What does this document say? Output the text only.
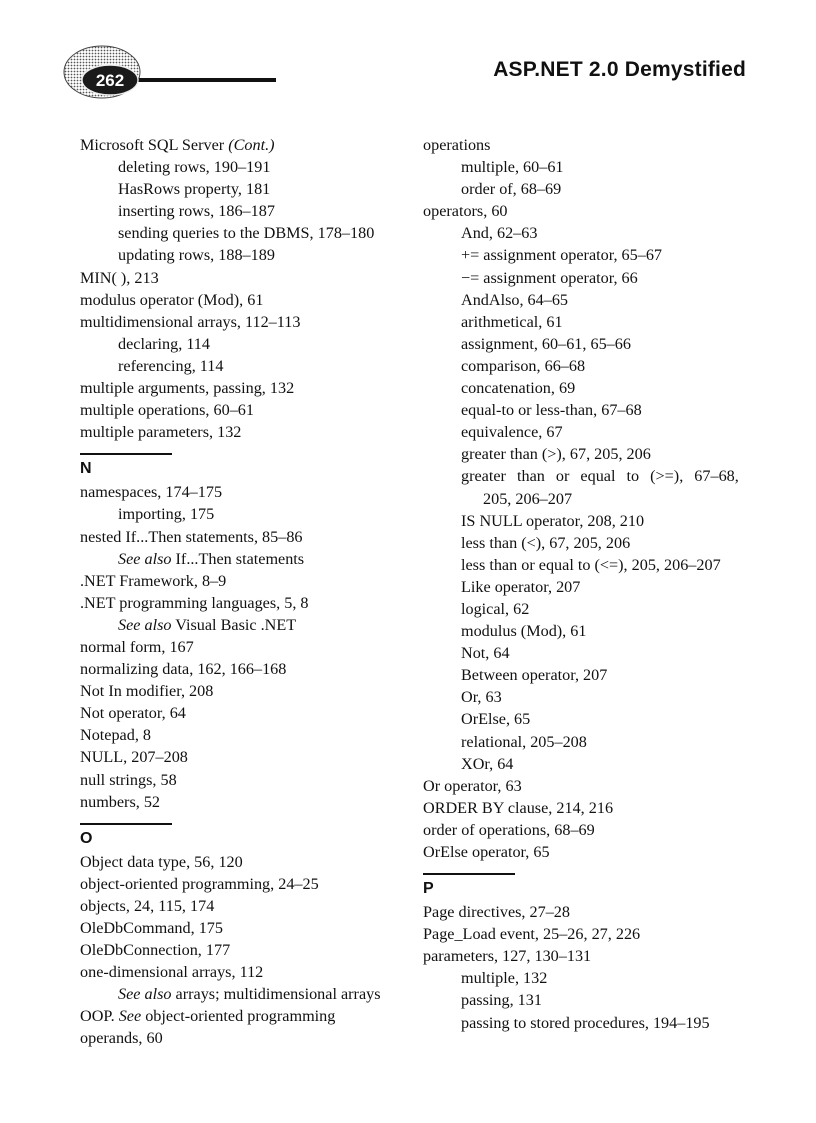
262	ASP.NET 2.0 Demystified
Microsoft SQL Server (Cont.)
deleting rows, 190–191
HasRows property, 181
inserting rows, 186–187
sending queries to the DBMS, 178–180
updating rows, 188–189
MIN( ), 213
modulus operator (Mod), 61
multidimensional arrays, 112–113
declaring, 114
referencing, 114
multiple arguments, passing, 132
multiple operations, 60–61
multiple parameters, 132
N
namespaces, 174–175
importing, 175
nested If...Then statements, 85–86
See also If...Then statements
.NET Framework, 8–9
.NET programming languages, 5, 8
See also Visual Basic .NET
normal form, 167
normalizing data, 162, 166–168
Not In modifier, 208
Not operator, 64
Notepad, 8
NULL, 207–208
null strings, 58
numbers, 52
O
Object data type, 56, 120
object-oriented programming, 24–25
objects, 24, 115, 174
OleDbCommand, 175
OleDbConnection, 177
one-dimensional arrays, 112
See also arrays; multidimensional arrays
OOP. See object-oriented programming
operands, 60
operations
multiple, 60–61
order of, 68–69
operators, 60
And, 62–63
+= assignment operator, 65–67
−= assignment operator, 66
AndAlso, 64–65
arithmetical, 61
assignment, 60–61, 65–66
comparison, 66–68
concatenation, 69
equal-to or less-than, 67–68
equivalence, 67
greater than (>), 67, 205, 206
greater than or equal to (>=), 67–68,
205, 206–207
IS NULL operator, 208, 210
less than (<), 67, 205, 206
less than or equal to (<=), 205, 206–207
Like operator, 207
logical, 62
modulus (Mod), 61
Not, 64
Between operator, 207
Or, 63
OrElse, 65
relational, 205–208
XOr, 64
Or operator, 63
ORDER BY clause, 214, 216
order of operations, 68–69
OrElse operator, 65
P
Page directives, 27–28
Page_Load event, 25–26, 27, 226
parameters, 127, 130–131
multiple, 132
passing, 131
passing to stored procedures, 194–195
